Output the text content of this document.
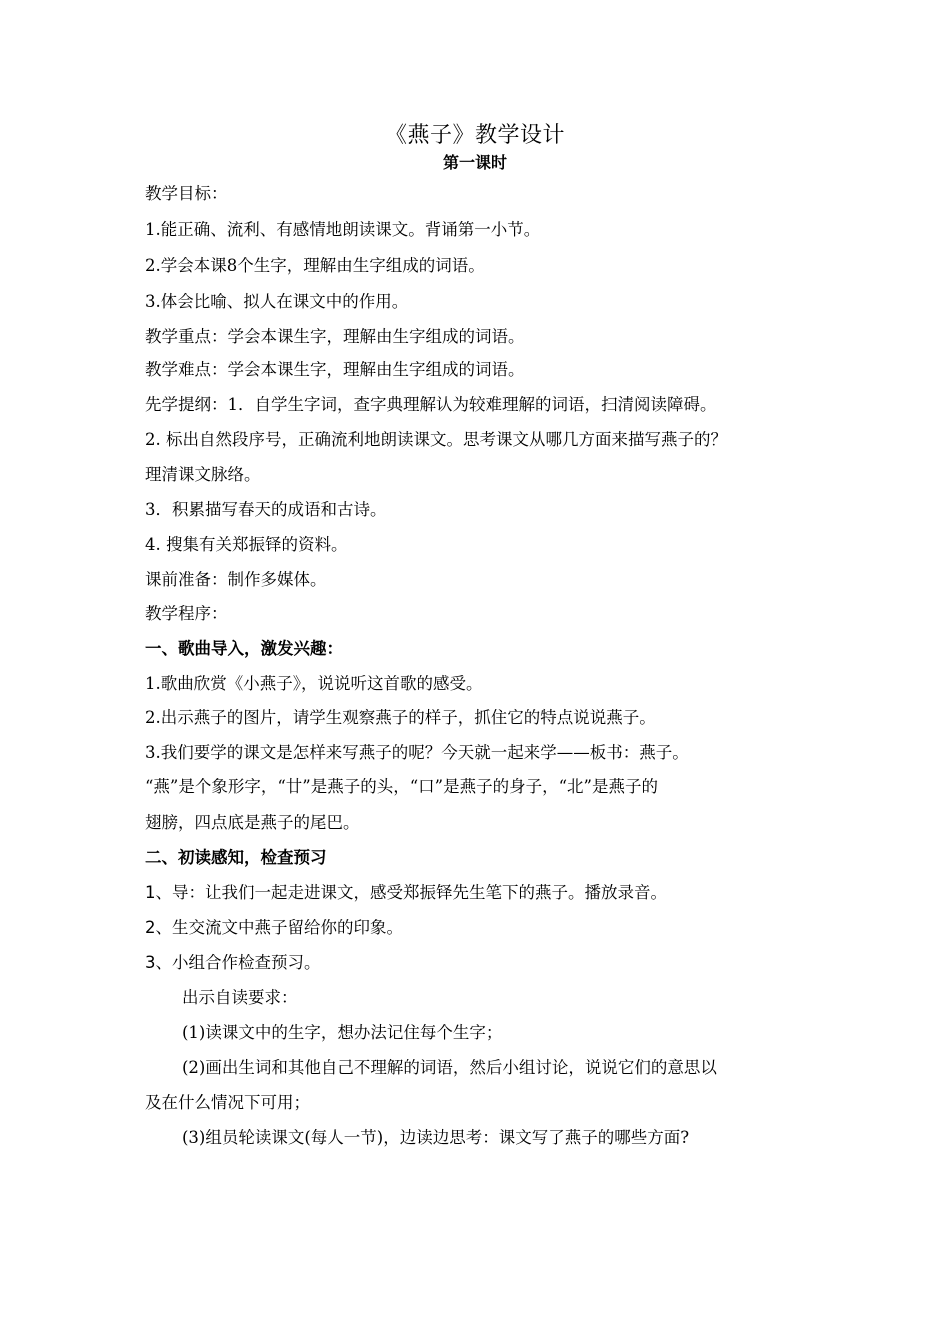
《燕子》教学设计
第一课时
教学目标：
1.能正确、流利、有感情地朗读课文。背诵第一小节。
2.学会本课8个生字，理解由生字组成的词语。
3.体会比喻、拟人在课文中的作用。
教学重点：学会本课生字，理解由生字组成的词语。
教学难点：学会本课生字，理解由生字组成的词语。
先学提纲：1．自学生字词，查字典理解认为较难理解的词语，扫清阅读障碍。
2. 标出自然段序号，正确流利地朗读课文。思考课文从哪几方面来描写燕子的？
理清课文脉络。
3．积累描写春天的成语和古诗。
4. 搜集有关郑振铎的资料。
课前准备：制作多媒体。
教学程序：
一、歌曲导入，激发兴趣：
1.歌曲欣赏《小燕子》，说说听这首歌的感受。
2.出示燕子的图片，请学生观察燕子的样子，抓住它的特点说说燕子。
3.我们要学的课文是怎样来写燕子的呢？今天就一起来学——板书：燕子。
“燕”是个象形字，“廿”是燕子的头，“口”是燕子的身子，“北”是燕子的
翅膀，四点底是燕子的尾巴。
二、初读感知，检查预习
1、导：让我们一起走进课文，感受郑振铎先生笔下的燕子。播放录音。
2、生交流文中燕子留给你的印象。
3、小组合作检查预习。
出示自读要求：
(1)读课文中的生字，想办法记住每个生字；
(2)画出生词和其他自己不理解的词语，然后小组讨论，说说它们的意思以
及在什么情况下可用；
(3)组员轮读课文(每人一节)，边读边思考：课文写了燕子的哪些方面?
